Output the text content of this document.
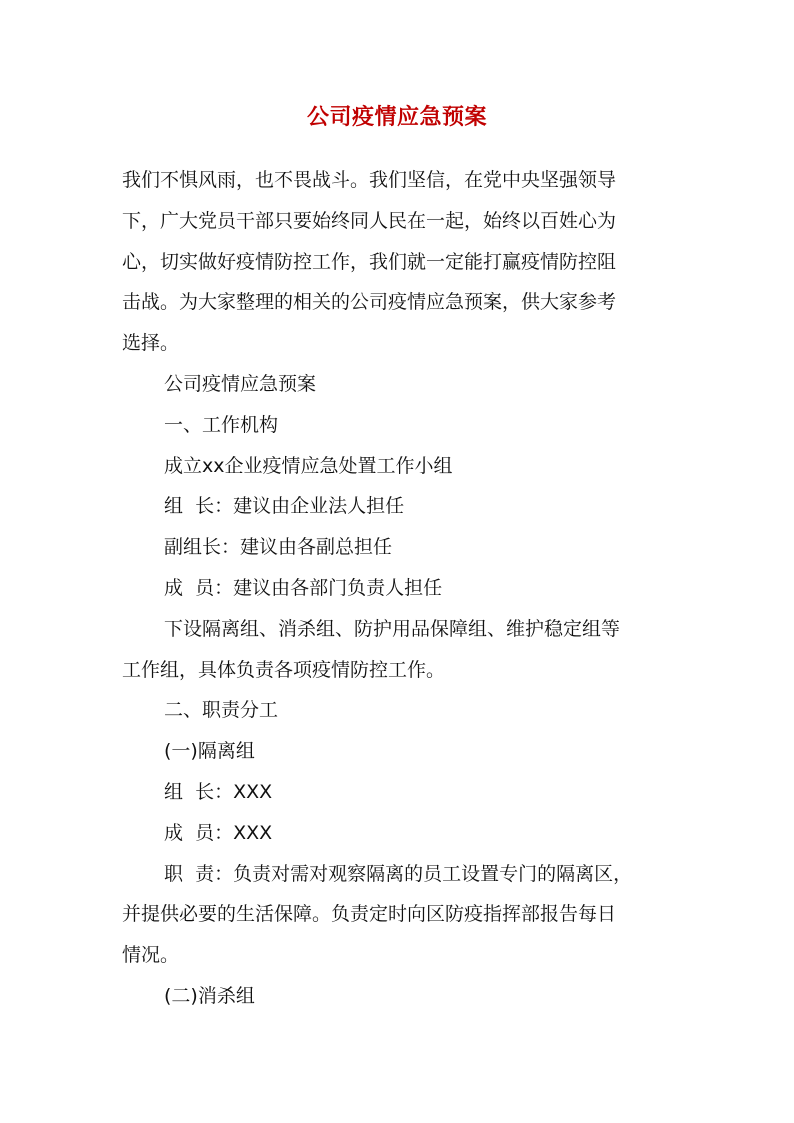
公司疫情应急预案

我们不惧风雨，也不畏战斗。我们坚信，在党中央坚强领导

下，广大党员干部只要始终同人民在一起，始终以百姓心为

心，切实做好疫情防控工作，我们就一定能打赢疫情防控阻

击战。为大家整理的相关的公司疫情应急预案，供大家参考

选择。

公司疫情应急预案

一、工作机构

成立xx企业疫情应急处置工作小组

组  长：建议由企业法人担任

副组长：建议由各副总担任

成  员：建议由各部门负责人担任

下设隔离组、消杀组、防护用品保障组、维护稳定组等

工作组，具体负责各项疫情防控工作。

二、职责分工

(一)隔离组

组  长：XXX

成  员：XXX

职  责：负责对需对观察隔离的员工设置专门的隔离区，

并提供必要的生活保障。负责定时向区防疫指挥部报告每日

情况。

(二)消杀组
